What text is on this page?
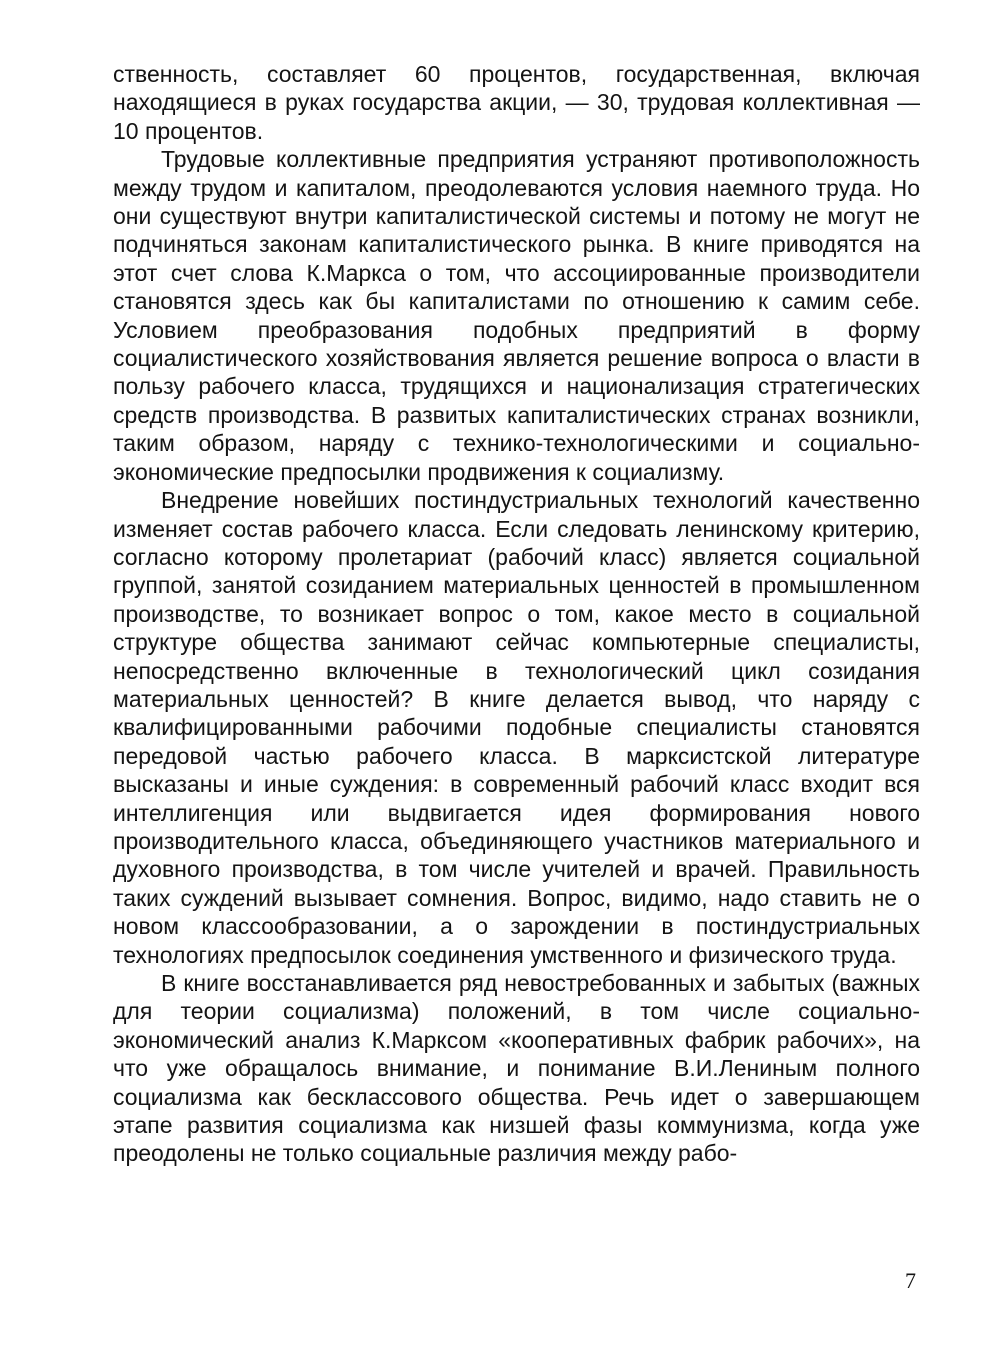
ственность, составляет 60 процентов, государственная, включая находящиеся в руках государства акции, — 30, трудовая коллективная — 10 процентов.

Трудовые коллективные предприятия устраняют противоположность между трудом и капиталом, преодолеваются условия наемного труда. Но они существуют внутри капиталистической системы и потому не могут не подчиняться законам капиталистического рынка. В книге приводятся на этот счет слова К.Маркса о том, что ассоциированные производители становятся здесь как бы капиталистами по отношению к самим себе. Условием преобразования подобных предприятий в форму социалистического хозяйствования является решение вопроса о власти в пользу рабочего класса, трудящихся и национализация стратегических средств производства. В развитых капиталистических странах возникли, таким образом, наряду с технико-технологическими и социально-экономические предпосылки продвижения к социализму.

Внедрение новейших постиндустриальных технологий качественно изменяет состав рабочего класса. Если следовать ленинскому критерию, согласно которому пролетариат (рабочий класс) является социальной группой, занятой созиданием материальных ценностей в промышленном производстве, то возникает вопрос о том, какое место в социальной структуре общества занимают сейчас компьютерные специалисты, непосредственно включенные в технологический цикл созидания материальных ценностей? В книге делается вывод, что наряду с квалифицированными рабочими подобные специалисты становятся передовой частью рабочего класса. В марксистской литературе высказаны и иные суждения: в современный рабочий класс входит вся интеллигенция или выдвигается идея формирования нового производительного класса, объединяющего участников материального и духовного производства, в том числе учителей и врачей. Правильность таких суждений вызывает сомнения. Вопрос, видимо, надо ставить не о новом классообразовании, а о зарождении в постиндустриальных технологиях предпосылок соединения умственного и физического труда.

В книге восстанавливается ряд невостребованных и забытых (важных для теории социализма) положений, в том числе социально-экономический анализ К.Марксом «кооперативных фабрик рабочих», на что уже обращалось внимание, и понимание В.И.Лениным полного социализма как бесклассового общества. Речь идет о завершающем этапе развития социализма как низшей фазы коммунизма, когда уже преодолены не только социальные различия между рабо-

7
